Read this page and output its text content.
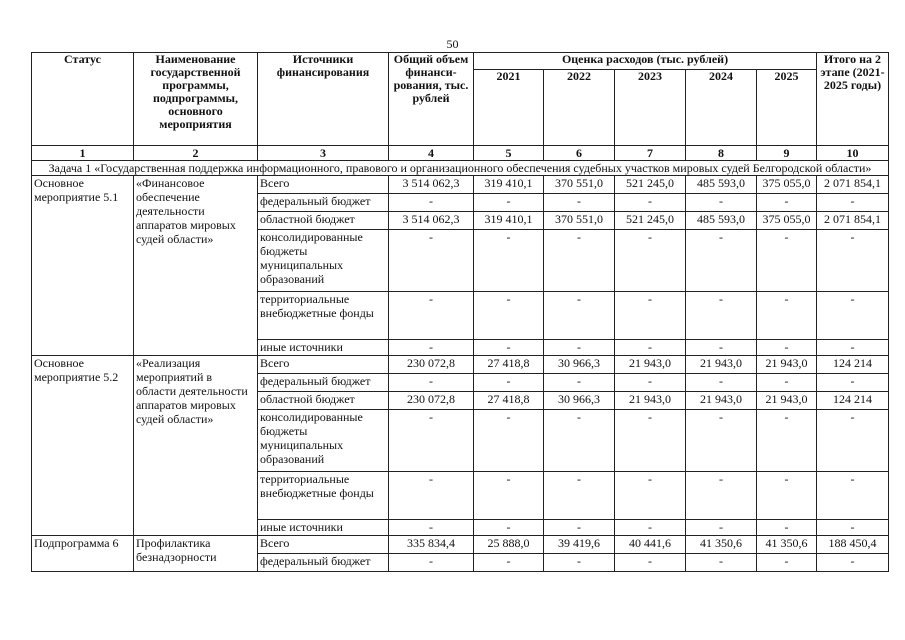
50
Статус	Наименование государственной программы, подпрограммы, основного мероприятия	Источники финансирования	Общий объем финанси-рования, тыс. рублей	Оценка расходов (тыс. рублей)					Итого на 2 этапе (2021-2025 годы)
				2021	2022	2023	2024	2025	
1	2	3	4	5	6	7	8	9	10
Задача 1 «Государственная поддержка информационного, правового и организационного обеспечения судебных участков мировых судей Белгородской области»									
Основное мероприятие 5.1	«Финансовое обеспечение деятельности аппаратов мировых судей области»	Всего	3 514 062,3	319 410,1	370 551,0	521 245,0	485 593,0	375 055,0	2 071 854,1
		федеральный бюджет	-	-	-	-	-	-	-
		областной бюджет	3 514 062,3	319 410,1	370 551,0	521 245,0	485 593,0	375 055,0	2 071 854,1
		консолидированные бюджеты муниципальных образований	-	-	-	-	-	-	-
		территориальные внебюджетные фонды	-	-	-	-	-	-	-
		иные источники	-	-	-	-	-	-	-
Основное мероприятие 5.2	«Реализация мероприятий в области деятельности аппаратов мировых судей области»	Всего	230 072,8	27 418,8	30 966,3	21 943,0	21 943,0	21 943,0	124 214
		федеральный бюджет	-	-	-	-	-	-	-
		областной бюджет	230 072,8	27 418,8	30 966,3	21 943,0	21 943,0	21 943,0	124 214
		консолидированные бюджеты муниципальных образований	-	-	-	-	-	-	-
		территориальные внебюджетные фонды	-	-	-	-	-	-	-
		иные источники	-	-	-	-	-	-	-
Подпрограмма 6	Профилактика безнадзорности	Всего	335 834,4	25 888,0	39 419,6	40 441,6	41 350,6	41 350,6	188 450,4
		федеральный бюджет	-	-	-	-	-	-	-
